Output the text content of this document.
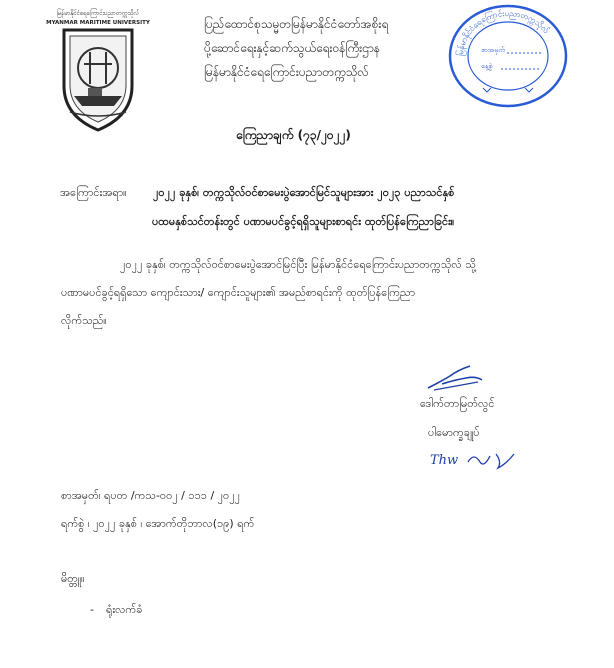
မြန်မာနိုင်ငံရေကြောင်းပညာတက္ကသိုလ်
MYANMAR MARITIME UNIVERSITY	ပြည်ထောင်စုသမ္မတမြန်မာနိုင်ငံတော်အစိုးရ
ပို့ဆောင်ရေးနှင့်ဆက်သွယ်ရေးဝန်ကြီးဌာန
မြန်မာနိုင်ငံရေကြောင်းပညာတက္ကသိုလ်
မြန်မာနိုင်ငံရေကြောင်းပညာတက္ကသိုလ်
စာအမှတ်
နေ့စွဲ
ကြေညာချက် (၇၃/၂၀၂၂)
အကြောင်းအရာ။ ၂၀၂၂ ခုနှစ်၊ တက္ကသိုလ်ဝင်စာမေးပွဲအောင်မြင်သူများအား ၂၀၂၃ ပညာသင်နှစ်
ပထမနှစ်သင်တန်းတွင် ပဏာမပင်ခွင့်ရရှိသူများစာရင်း ထုတ်ပြန်ကြေညာခြင်း။
၂၀၂၂ ခုနှစ်၊ တက္ကသိုလ်ဝင်စာမေးပွဲအောင်မြင်ပြီး မြန်မာနိုင်ငံရေကြောင်းပညာတက္ကသိုလ် သို့
ပဏာမပင်ခွင့်ရရှိသော ကျောင်းသား/ ကျောင်းသူများ၏ အမည်စာရင်းကို ထုတ်ပြန်ကြေညာ
လိုက်သည်။
ဒေါက်တာမြတ်လွင်
ပါမောက္ခချုပ်
Thw
စာအမှတ်၊ ရပတ /ကသ-၀၀၂ / ၁၁၁ / ၂၀၂၂
ရက်စွဲ ၊ ၂၀၂၂ ခုနှစ် ၊ အောက်တိုဘာလ(၁၉) ရက်
မိတ္တူ။
- ရုံးလက်ခံ
